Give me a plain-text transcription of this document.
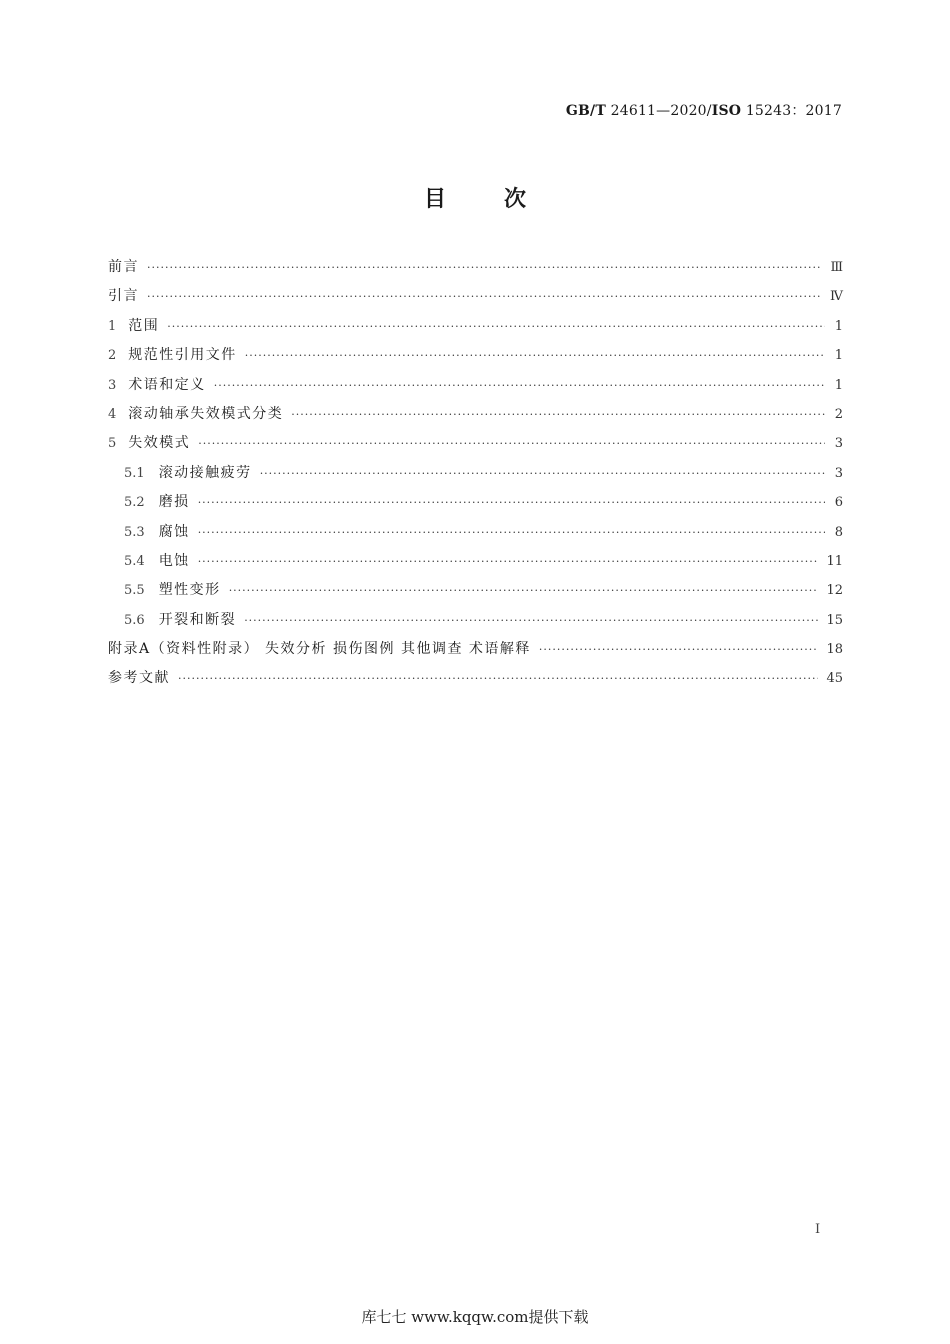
GB/T 24611—2020/ISO 15243：2017
目	次
前言 ·····	Ⅲ
引言 ·····	Ⅳ
1 范围 ·····	1
2 规范性引用文件 ·····	1
3 术语和定义 ·····	1
4 滚动轴承失效模式分类 ·····	2
5 失效模式 ·····	3
5.1 滚动接触疲劳 ·····	3
5.2 磨损 ·····	6
5.3 腐蚀 ·····	8
5.4 电蚀 ·····	11
5.5 塑性变形 ·····	12
5.6 开裂和断裂 ·····	15
附录A（资料性附录） 失效分析 损伤图例 其他调查 术语解释 ·····	18
参考文献 ·····	45
I
库七七 www.kqqw.com提供下载
